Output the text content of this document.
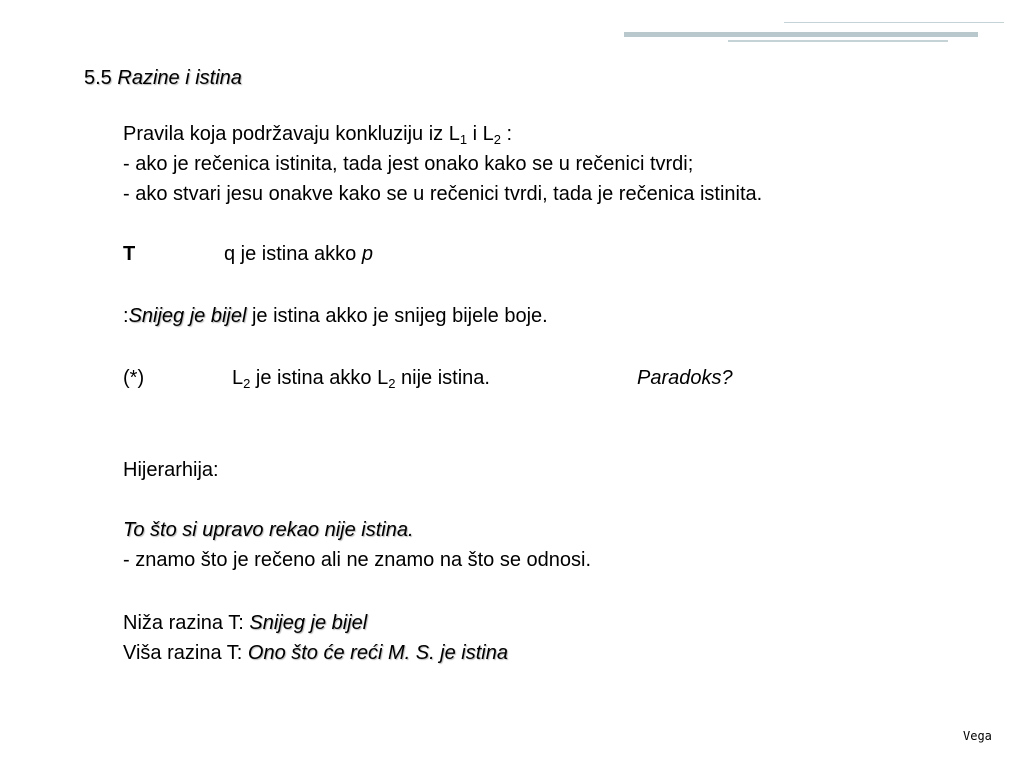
5.5 Razine i istina
Pravila koja podržavaju konkluziju iz $L_1$ i $L_2$ :
- ako je rečenica istinita, tada jest onako kako se u rečenici tvrdi;
- ako stvari jesu onakve kako se u rečenici tvrdi, tada je rečenica istinita.
T	q je istina akko p
:Snijeg je bijel je istina akko je snijeg bijele boje.
(*)	$L_2$ je istina akko $L_2$ nije istina.	Paradoks?
Hijerarhija:
To što si upravo rekao nije istina.
- znamo što je rečeno ali ne znamo na što se odnosi.
Niža razina T: Snijeg je bijel
Viša razina T: Ono što će reći M. S. je istina
Vega
